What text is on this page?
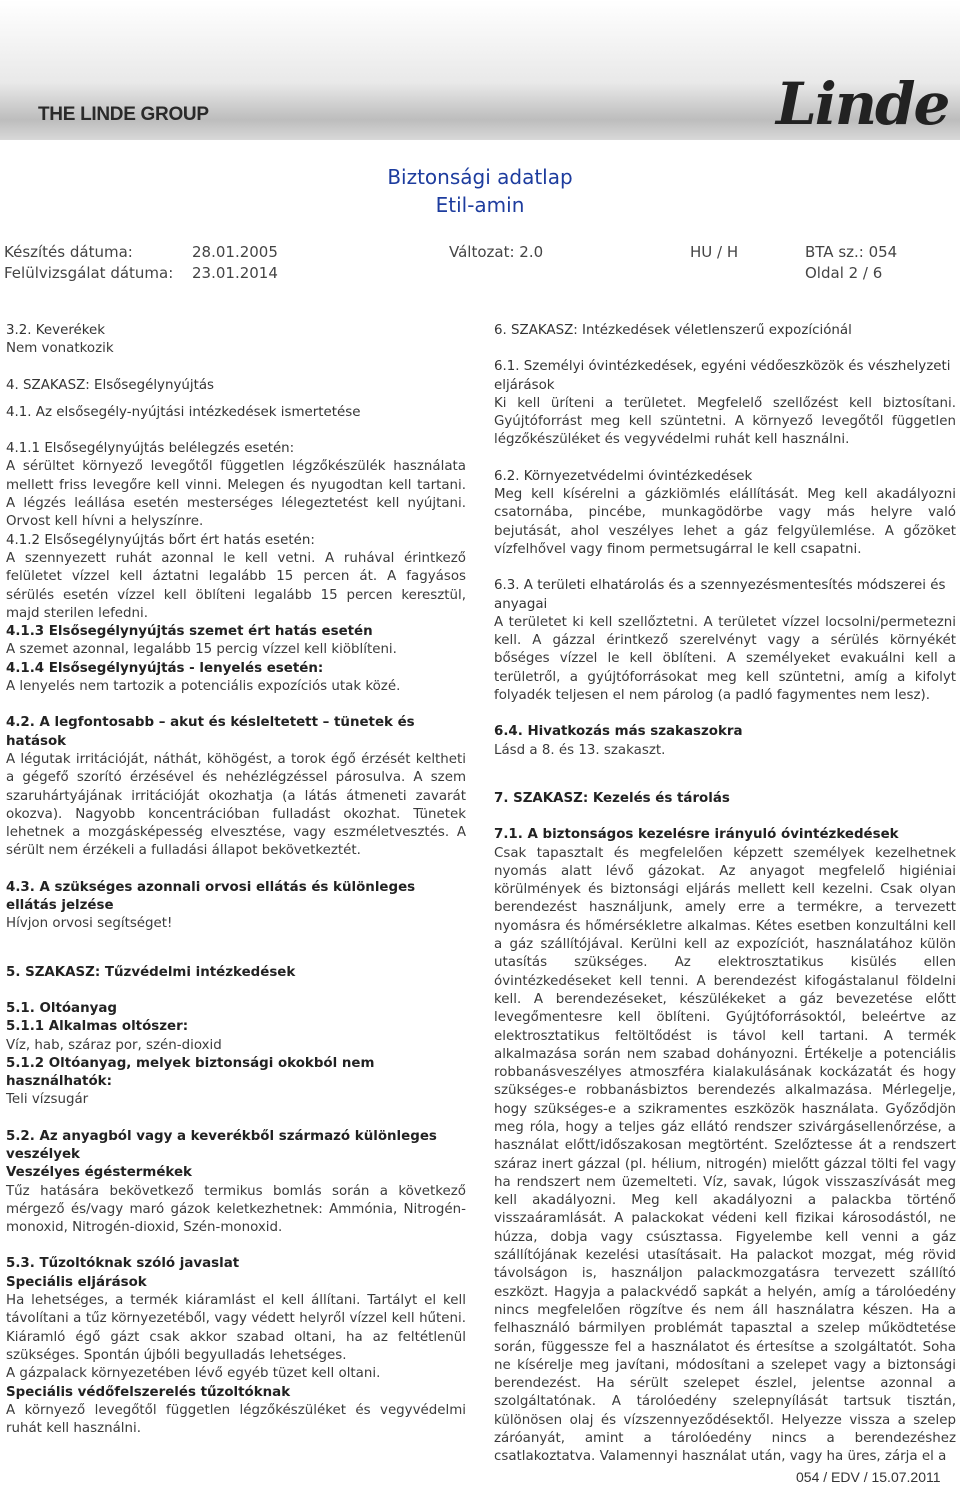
THE LINDE GROUP	Linde
Biztonsági adatlap
Etil-amin
Készítés dátuma:	28.01.2005	Változat: 2.0	HU / H	BTA sz.: 054
Felülvizsgálat dátuma: 23.01.2014	Oldal 2 / 6
3.2. Keverékek
Nem vonatkozik
4. SZAKASZ: Elsősegélynyújtás
4.1. Az elsősegély-nyújtási intézkedések ismertetése
4.1.1 Elsősegélynyújtás belélegzés esetén:
A sérültet környező levegőtől független légzőkészülék használata mellett friss levegőre kell vinni. Melegen és nyugodtan kell tartani. A légzés leállása esetén mesterséges lélegeztetést kell nyújtani. Orvost kell hívni a helyszínre.
4.1.2 Elsősegélynyújtás bőrt ért hatás esetén:
A szennyezett ruhát azonnal le kell vetni. A ruhával érintkező felületet vízzel kell áztatni legalább 15 percen át. A fagyásos sérülés esetén vízzel kell öblíteni legalább 15 percen keresztül, majd sterilen lefedni.
4.1.3 Elsősegélynyújtás szemet ért hatás esetén
A szemet azonnal, legalább 15 percig vízzel kell kiöblíteni.
4.1.4 Elsősegélynyújtás - lenyelés esetén:
A lenyelés nem tartozik a potenciális expozíciós utak közé.
4.2. A legfontosabb – akut és késleltetett – tünetek és hatások
A légutak irritációját, náthát, köhögést, a torok égő érzését keltheti a gégefő szorító érzésével és nehézlégzéssel párosulva. A szem szaruhártyájának irritációját okozhatja (a látás átmeneti zavarát okozva). Nagyobb koncentrációban fulladást okozhat. Tünetek lehetnek a mozgásképesség elvesztése, vagy eszméletvesztés. A sérült nem érzékeli a fulladási állapot bekövetkeztét.
4.3. A szükséges azonnali orvosi ellátás és különleges ellátás jelzése
Hívjon orvosi segítséget!
5. SZAKASZ: Tűzvédelmi intézkedések
5.1. Oltóanyag
5.1.1 Alkalmas oltószer:
Víz, hab, száraz por, szén-dioxid
5.1.2 Oltóanyag, melyek biztonsági okokból nem használhatók:
Teli vízsugár
5.2. Az anyagból vagy a keverékből származó különleges veszélyek
Veszélyes égéstermékek
Tűz hatására bekövetkező termikus bomlás során a következő mérgező és/vagy maró gázok keletkezhetnek: Ammónia, Nitrogén-monoxid, Nitrogén-dioxid, Szén-monoxid.
5.3. Tűzoltóknak szóló javaslat
Speciális eljárások
Ha lehetséges, a termék kiáramlást el kell állítani. Tartályt el kell távolítani a tűz környezetéből, vagy védett helyről vízzel kell hűteni. Kiáramló égő gázt csak akkor szabad oltani, ha az feltétlenül szükséges. Spontán újbóli begyulladás lehetséges.
A gázpalack környezetében lévő egyéb tüzet kell oltani.
Speciális védőfelszerelés tűzoltóknak
A környező levegőtől független légzőkészüléket és vegyvédelmi ruhát kell használni.
6. SZAKASZ: Intézkedések véletlenszerű expozíciónál
6.1. Személyi óvintézkedések, egyéni védőeszközök és vészhelyzeti eljárások
Ki kell üríteni a területet. Megfelelő szellőzést kell biztosítani. Gyújtóforrást meg kell szüntetni. A környező levegőtől független légzőkészüléket és vegyvédelmi ruhát kell használni.
6.2. Környezetvédelmi óvintézkedések
Meg kell kísérelni a gázkiömlés elállítását. Meg kell akadályozni csatornába, pincébe, munkagödörbe vagy más helyre való bejutását, ahol veszélyes lehet a gáz felgyülemlése. A gőzöket vízfelhővel vagy finom permetsugárral le kell csapatni.
6.3. A területi elhatárolás és a szennyezésmentesítés módszerei és anyagai
A területet ki kell szellőztetni. A területet vízzel locsolni/permetezni kell. A gázzal érintkező szerelvényt vagy a sérülés környékét bőséges vízzel le kell öblíteni. A személyeket evakuálni kell a területről, a gyújtóforrásokat meg kell szüntetni, amíg a kifolyt folyadék teljesen el nem párolog (a padló fagymentes nem lesz).
6.4. Hivatkozás más szakaszokra
Lásd a 8. és 13. szakaszt.
7. SZAKASZ: Kezelés és tárolás
7.1. A biztonságos kezelésre irányuló óvintézkedések
Csak tapasztalt és megfelelően képzett személyek kezelhetnek nyomás alatt lévő gázokat. Az anyagot megfelelő higiéniai körülmények és biztonsági eljárás mellett kell kezelni. Csak olyan berendezést használjunk, amely erre a termékre, a tervezett nyomásra és hőmérsékletre alkalmas. Kétes esetben konzultálni kell a gáz szállítójával. Kerülni kell az expozíciót, használatához külön utasítás szükséges. Az elektrosztatikus kisülés ellen óvintézkedéseket kell tenni. A berendezést kifogástalanul földelni kell. A berendezéseket, készülékeket a gáz bevezetése előtt levegőmentesre kell öblíteni. Gyújtóforrásoktól, beleértve az elektrosztatikus feltöltődést is távol kell tartani. A termék alkalmazása során nem szabad dohányozni. Értékelje a potenciális robbanásveszélyes atmoszféra kialakulásának kockázatát és hogy szükséges-e robbanásbiztos berendezés alkalmazása. Mérlegelje, hogy szükséges-e a szikramentes eszközök használata. Győződjön meg róla, hogy a teljes gáz ellátó rendszer szivárgásellenőrzése, a használat előtt/időszakosan megtörtént. Szelőztesse át a rendszert száraz inert gázzal (pl. hélium, nitrogén) mielőtt gázzal tölti fel vagy ha rendszert nem üzemelteti. Víz, savak, lúgok visszaszívását meg kell akadályozni. Meg kell akadályozni a palackba történő visszaáramlását. A palackokat védeni kell fizikai károsodástól, ne húzza, dobja vagy csúsztassa. Figyelembe kell venni a gáz szállítójának kezelési utasításait. Ha palackot mozgat, még rövid távolságon is, használjon palackmozgatásra tervezett szállító eszközt. Hagyja a palackvédő sapkát a helyén, amíg a tárolóedény nincs megfelelően rögzítve és nem áll használatra készen. Ha a felhasználó bármilyen problémát tapasztal a szelep működtetése során, függessze fel a használatot és értesítse a szolgáltatót. Soha ne kísérelje meg javítani, módosítani a szelepet vagy a biztonsági berendezést. Ha sérült szelepet észlel, jelentse azonnal a szolgáltatónak. A tárolóedény szelepnyílását tartsuk tisztán, különösen olaj és vízszennyeződésektől. Helyezze vissza a szelep záróanyát, amint a tárolóedény nincs a berendezéshez csatlakoztatva. Valamennyi használat után, vagy ha üres, zárja el a
054 / EDV / 15.07.2011
